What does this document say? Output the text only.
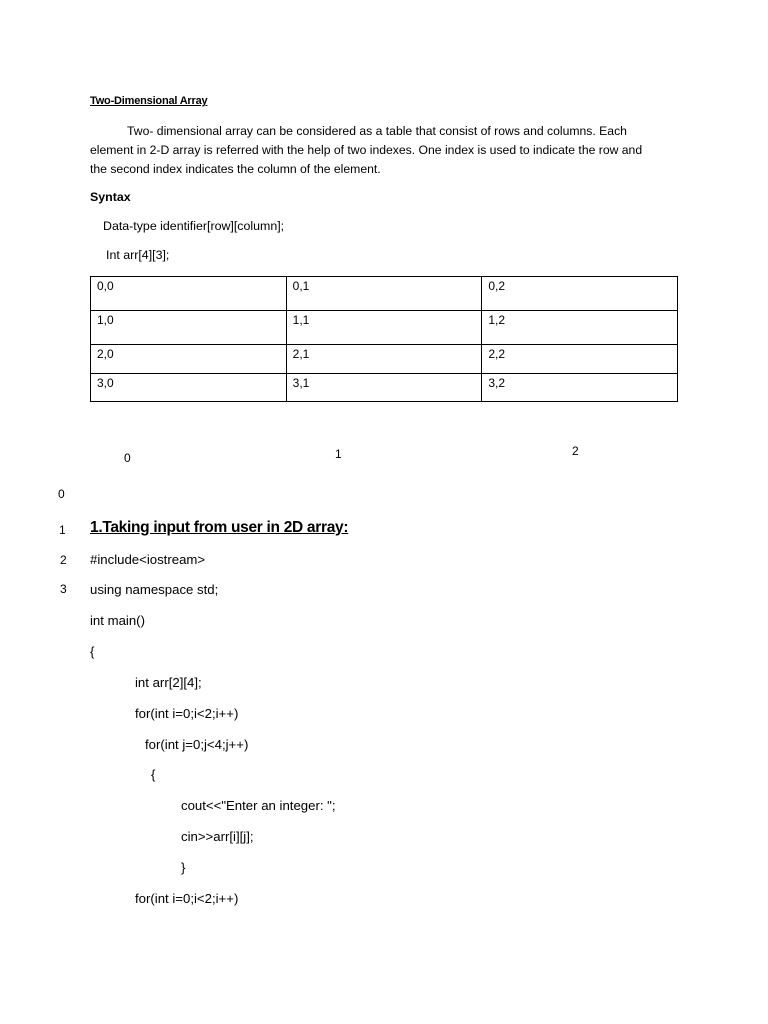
Two-Dimensional Array
Two- dimensional array can be considered as a table that consist of rows and columns. Each
element in 2-D array is referred with the help of two indexes. One index is used to indicate the row and
the second index indicates the column of the element.
Syntax
Data-type identifier[row][column];
Int arr[4][3];
0,0	0,1	0,2
1,0	1,1	1,2
2,0	2,1	2,2
3,0	3,1	3,2
0	1	2
0
1
2
3
1.Taking input from user in 2D array:
#include<iostream>
using namespace std;
int main()
{
int arr[2][4];
for(int i=0;i<2;i++)
for(int j=0;j<4;j++)
{
cout<<"Enter an integer: ";
cin>>arr[i][j];
}
for(int i=0;i<2;i++)
